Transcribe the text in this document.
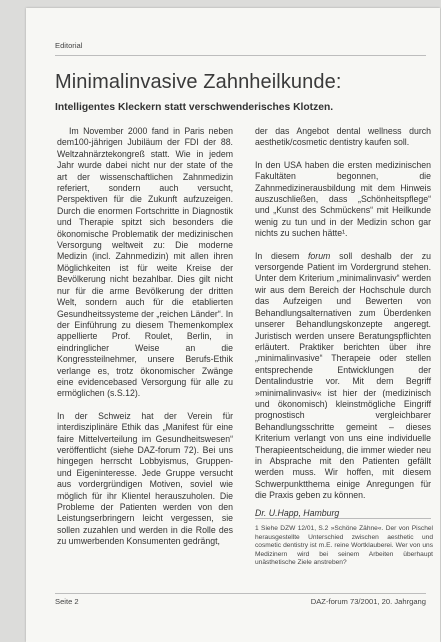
Editorial
Minimalinvasive Zahnheilkunde:
Intelligentes Kleckern statt verschwenderisches Klotzen.

Im November 2000 fand in Paris neben dem100-jährigen Jubiläum der FDI der 88. Weltzahnärztekongreß statt. Wie in jedem Jahr wurde dabei nicht nur der state of the art der wissenschaftlichen Zahnmedizin referiert, sondern auch versucht, Perspektiven für die Zukunft aufzuzeigen. Durch die enormen Fortschritte in Diagnostik und Therapie spitzt sich besonders die ökonomische Problematik der medizinischen Versorgung weltweit zu: Die moderne Medizin (incl. Zahnmedizin) mit allen ihren Möglichkeiten ist für weite Kreise der Bevölkerung nicht bezahlbar. Dies gilt nicht nur für die arme Bevölkerung der dritten Welt, sondern auch für die etablierten Gesundheitssysteme der „reichen Länder“. In der Einführung zu diesem Themenkomplex appellierte Prof. Roulet, Berlin, in eindringlicher Weise an die Kongressteilnehmer, unsere Berufs-Ethik verlange es, trotz ökonomischer Zwänge eine evidencebased Versorgung für alle zu ermöglichen (s.S.12).

In der Schweiz hat der Verein für interdisziplinäre Ethik das „Manifest für eine faire Mittelverteilung im Gesundheitswesen“ veröffentlicht (siehe DAZ-forum 72). Bei uns hingegen herrscht Lobbyismus, Gruppen- und Eigeninteresse. Jede Gruppe versucht aus vordergründigen Motiven, soviel wie möglich für ihr Klientel herauszuholen. Die Probleme der Patienten werden von den Leistungserbringern leicht vergessen, sie sollen zuzahlen und werden in die Rolle des zu umwerbenden Konsumenten gedrängt,

der das Angebot dental wellness durch aesthetik/cosmetic dentistry kaufen soll.

In den USA haben die ersten medizinischen Fakultäten begonnen, die Zahnmedizinerausbildung mit dem Hinweis auszuschließen, dass „Schönheitspflege“ und „Kunst des Schmückens“ mit Heilkunde wenig zu tun und in der Medizin schon gar nichts zu suchen hätte¹.

In diesem forum soll deshalb der zu versorgende Patient im Vordergrund stehen. Unter dem Kriterium „minimalinvasiv“ werden wir aus dem Bereich der Hochschule durch das Aufzeigen und Bewerten von Behandlungsalternativen zum Überdenken unserer Behandlungskonzepte angeregt. Juristisch werden unsere Beratungspflichten erläutert. Praktiker berichten über ihre „minimalinvasive“ Therapeie oder stellen entsprechende Entwicklungen der Dentalindustrie vor. Mit dem Begriff »minimalinvasiv« ist hier der (medizinisch und ökonomisch) kleinstmögliche Eingriff prognostisch vergleichbarer Behandlungsschritte gemeint – dieses Kriterium verlangt von uns eine individuelle Therapieentscheidung, die immer wieder neu in Absprache mit den Patienten gefällt werden muss. Wir hoffen, mit diesem Schwerpunktthema einige Anregungen für die Praxis geben zu können.

Dr. U.Happ, Hamburg

1 Siehe DZW 12/01, S.2 »Schöne Zähne«. Der von Pischel herausgestellte Unterschied zwischen aesthetic und cosmetic dentistry ist m.E. reine Wortklauberei. Wer von uns Medizinern wird bei seinem Arbeiten überhaupt unästhetische Ziele anstreben?
Seite 2	DAZ-forum 73/2001, 20. Jahrgang
